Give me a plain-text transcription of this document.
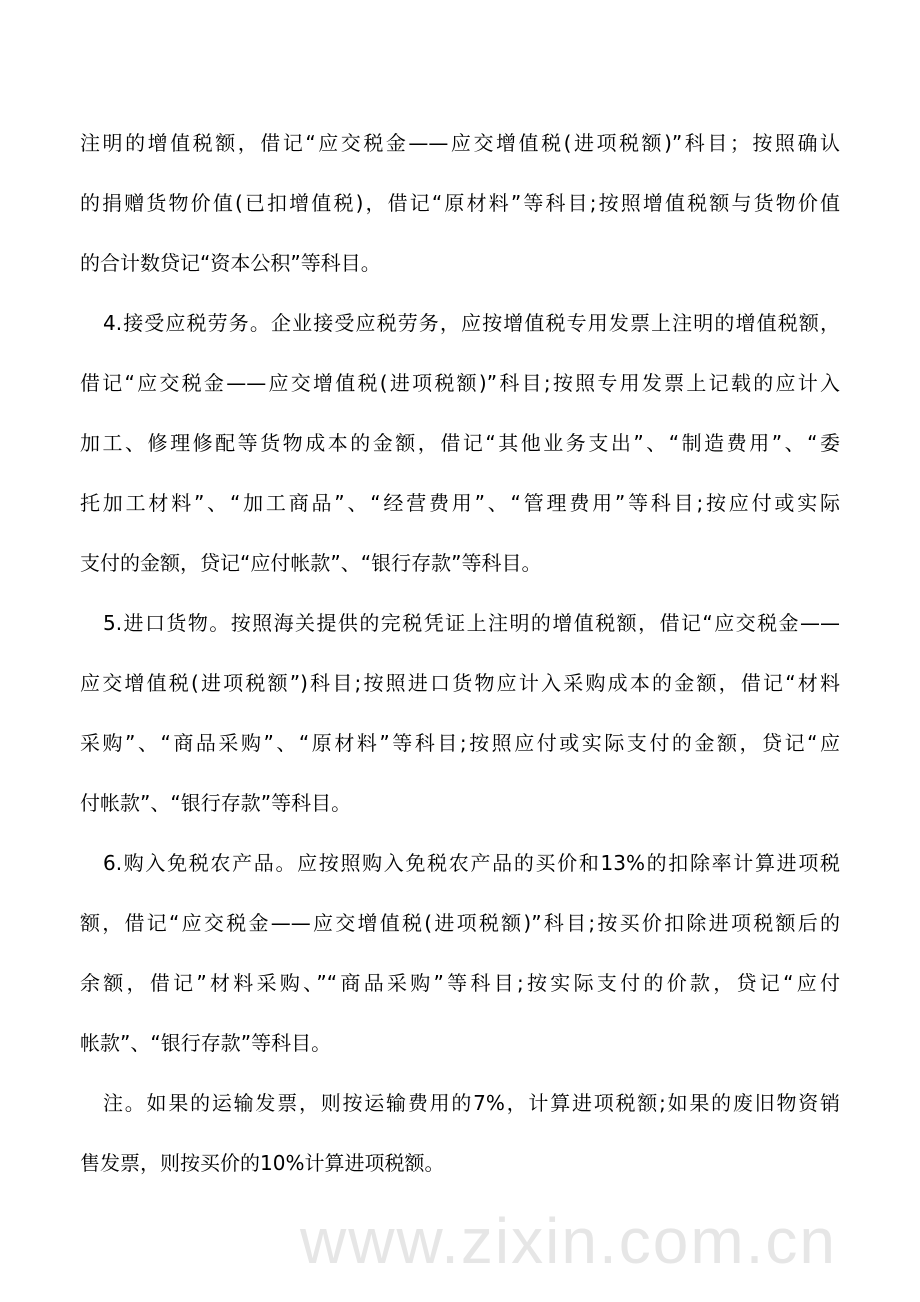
www.zixin.com.cn
注明的增值税额，借记“应交税金——应交增值税(进项税额)”科目；按照确认
的捐赠货物价值(已扣增值税)，借记“原材料”等科目;按照增值税额与货物价值
的合计数贷记“资本公积”等科目。
4.接受应税劳务。企业接受应税劳务，应按增值税专用发票上注明的增值税额，
借记“应交税金——应交增值税(进项税额)”科目;按照专用发票上记载的应计入
加工、修理修配等货物成本的金额，借记“其他业务支出”、“制造费用”、“委
托加工材料”、“加工商品”、“经营费用”、“管理费用”等科目;按应付或实际
支付的金额，贷记“应付帐款”、“银行存款”等科目。
5.进口货物。按照海关提供的完税凭证上注明的增值税额，借记“应交税金——
应交增值税(进项税额”)科目;按照进口货物应计入采购成本的金额，借记“材料
采购”、“商品采购”、“原材料”等科目;按照应付或实际支付的金额，贷记“应
付帐款”、“银行存款”等科目。
6.购入免税农产品。应按照购入免税农产品的买价和13%的扣除率计算进项税
额，借记“应交税金——应交增值税(进项税额)”科目;按买价扣除进项税额后的
余额，借记”材料采购、”“商品采购”等科目;按实际支付的价款，贷记“应付
帐款”、“银行存款”等科目。
注。如果的运输发票，则按运输费用的7%，计算进项税额;如果的废旧物资销
售发票，则按买价的10%计算进项税额。
